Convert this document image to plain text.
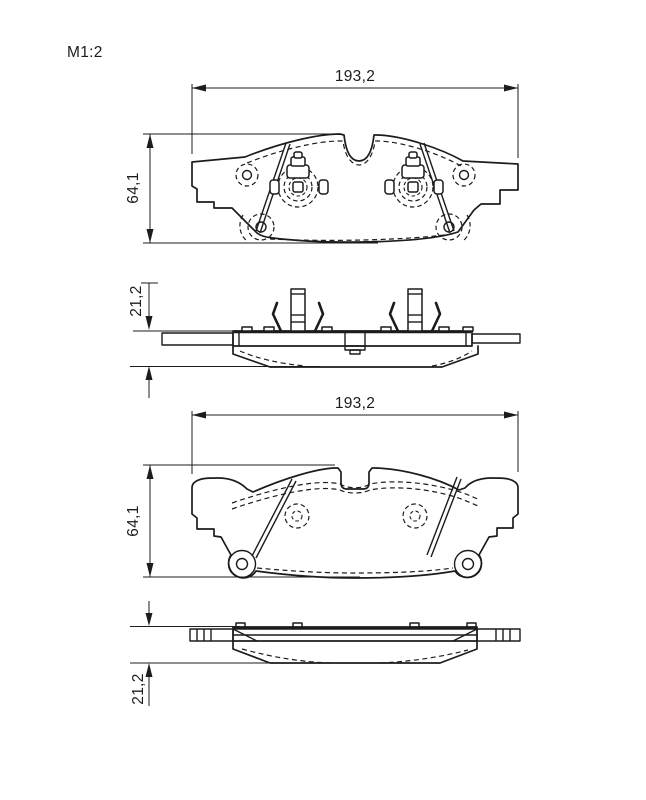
M1:2
193,2
64,1
21,2
193,2
64,1
21,2
